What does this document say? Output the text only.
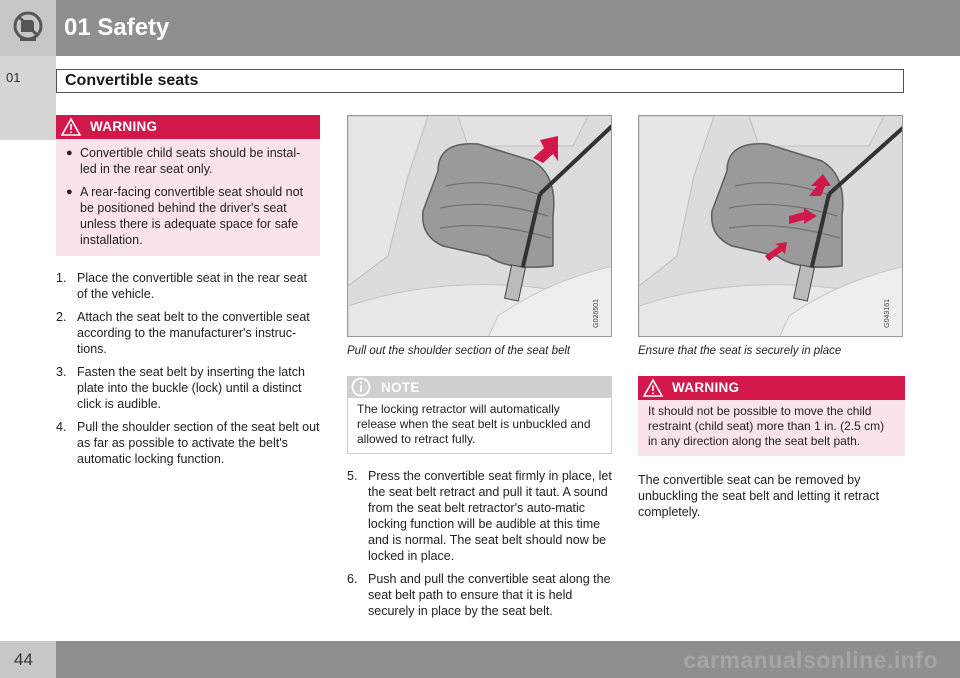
01 Safety
01	Convertible seats
WARNING
● Convertible child seats should be instal-led in the rear seat only.

● A rear-facing convertible seat should not be positioned behind the driver's seat unless there is adequate space for safe installation.

1. Place the convertible seat in the rear seat of the vehicle.
2. Attach the seat belt to the convertible seat according to the manufacturer's instruc-tions.
3. Fasten the seat belt by inserting the latch plate into the buckle (lock) until a distinct click is audible.
4. Pull the shoulder section of the seat belt out as far as possible to activate the belt's automatic locking function.
G026501
Pull out the shoulder section of the seat belt
NOTE
The locking retractor will automatically release when the seat belt is unbuckled and allowed to retract fully.
5. Press the convertible seat firmly in place, let the seat belt retract and pull it taut. A sound from the seat belt retractor's auto-matic locking function will be audible at this time and is normal. The seat belt should now be locked in place.
6. Push and pull the convertible seat along the seat belt path to ensure that it is held securely in place by the seat belt.
G043161
Ensure that the seat is securely in place
WARNING
It should not be possible to move the child restraint (child seat) more than 1 in. (2.5 cm) in any direction along the seat belt path.
The convertible seat can be removed by unbuckling the seat belt and letting it retract completely.
44	carmanualsonline.info
